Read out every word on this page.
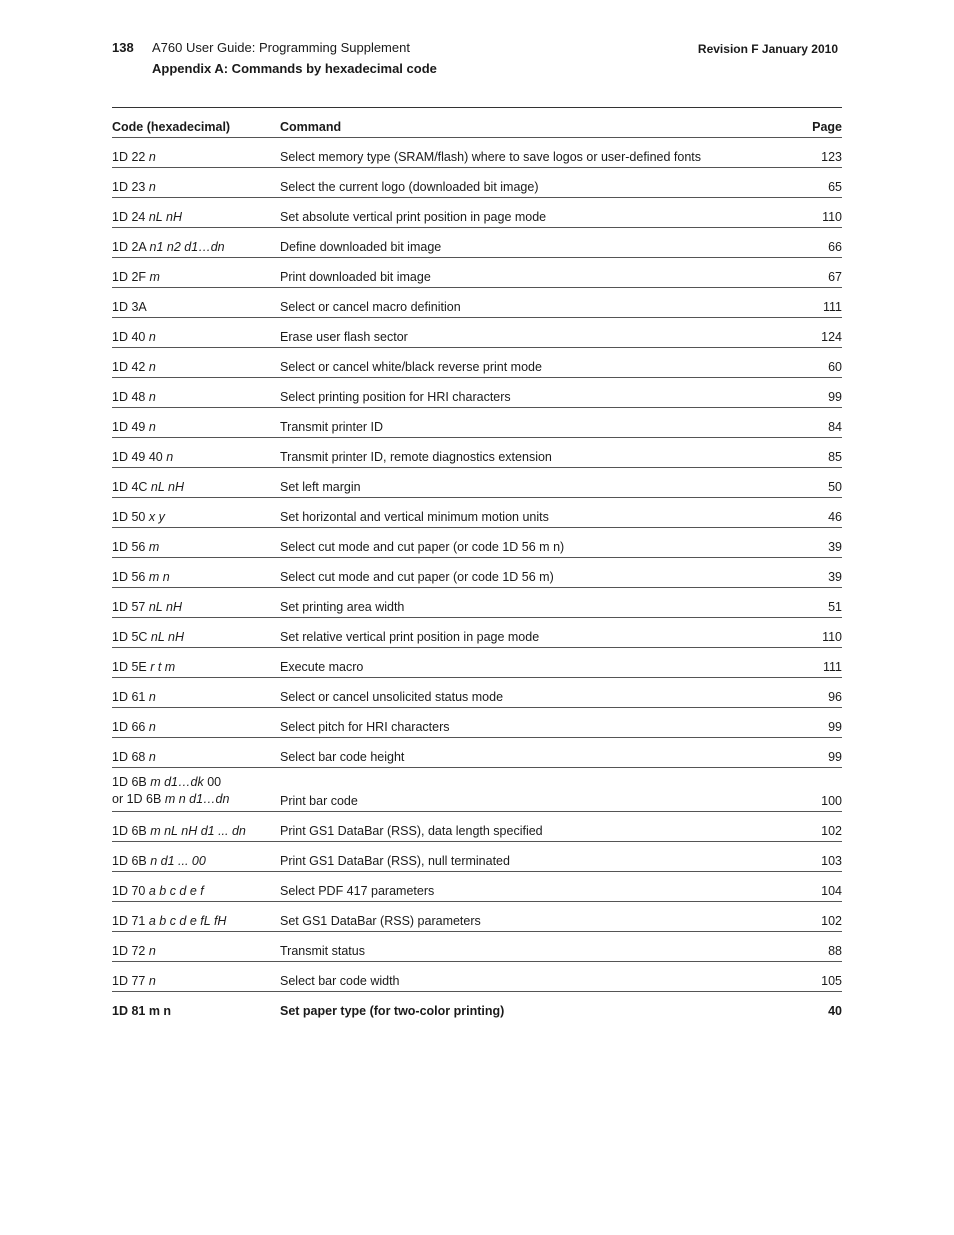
138 A760 User Guide: Programming Supplement
Appendix A: Commands by hexadecimal code
Revision F January 2010
Code (hexadecimal)	Command	Page
1D 22 n	Select memory type (SRAM/flash) where to save logos or user-defined fonts	123
1D 23 n	Select the current logo (downloaded bit image)	65
1D 24 nL nH	Set absolute vertical print position in page mode	110
1D 2A n1 n2 d1…dn	Define downloaded bit image	66
1D 2F m	Print downloaded bit image	67
1D 3A	Select or cancel macro definition	111
1D 40 n	Erase user flash sector	124
1D 42 n	Select or cancel white/black reverse print mode	60
1D 48 n	Select printing position for HRI characters	99
1D 49 n	Transmit printer ID	84
1D 49 40 n	Transmit printer ID, remote diagnostics extension	85
1D 4C nL nH	Set left margin	50
1D 50 x y	Set horizontal and vertical minimum motion units	46
1D 56 m	Select cut mode and cut paper (or code 1D 56 m n)	39
1D 56 m n	Select cut mode and cut paper (or code 1D 56 m)	39
1D 57 nL nH	Set printing area width	51
1D 5C nL nH	Set relative vertical print position in page mode	110
1D 5E r t m	Execute macro	111
1D 61 n	Select or cancel unsolicited status mode	96
1D 66 n	Select pitch for HRI characters	99
1D 68 n	Select bar code height	99

1D 6B m d1…dk 00
or 1D 6B m n d1…dn	Print bar code	100
1D 6B m nL nH d1 ... dn	Print GS1 DataBar (RSS), data length specified	102
1D 6B n d1 ... 00	Print GS1 DataBar (RSS), null terminated	103
1D 70 a b c d e f	Select PDF 417 parameters	104
1D 71 a b c d e fL fH	Set GS1 DataBar (RSS) parameters	102
1D 72 n	Transmit status	88
1D 77 n	Select bar code width	105
1D 81 m n	Set paper type (for two-color printing)	40
